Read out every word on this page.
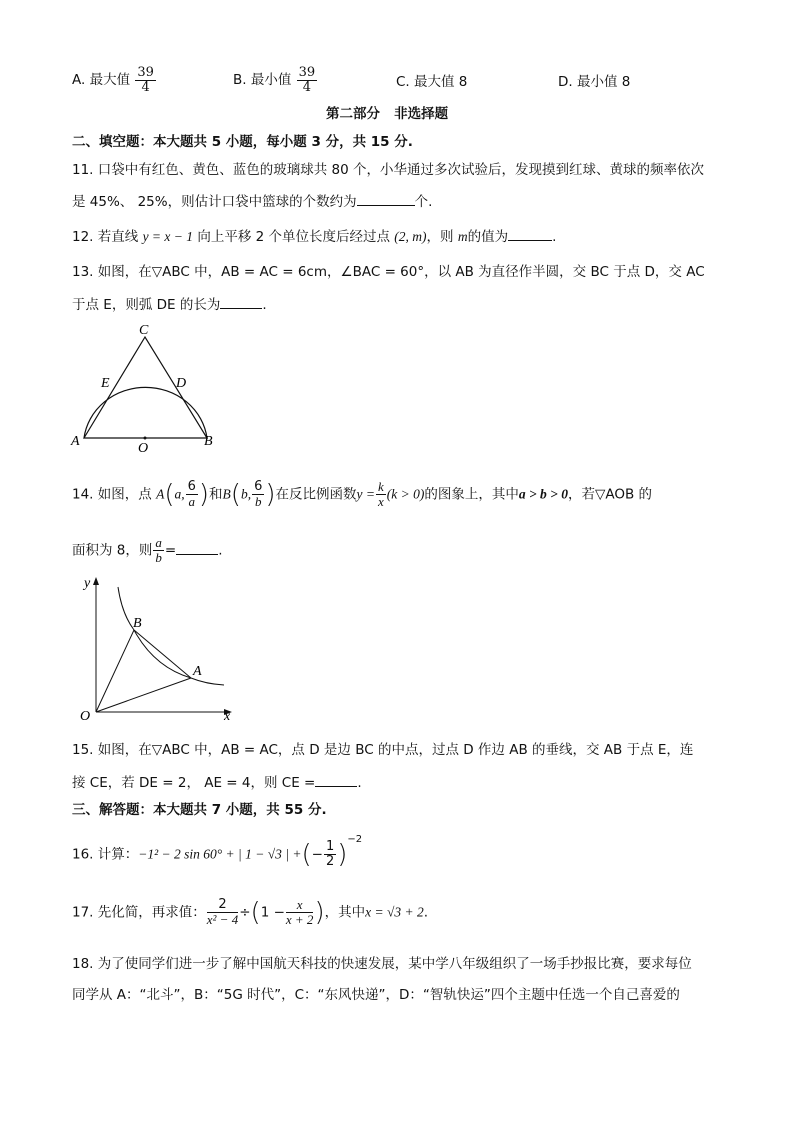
A. 最大值 $\frac{39}{4}$	B. 最小值 $\frac{39}{4}$	C. 最大值 8	D. 最小值 8
第二部分   非选择题
二、填空题：本大题共 5 小题，每小题 3 分，共 15 分.
11. 口袋中有红色、黄色、蓝色的玻璃球共 80 个，小华通过多次试验后，发现摸到红球、黄球的频率依次
是 45%、 25%，则估计口袋中篮球的个数约为	个.
12. 若直线 y = x − 1 向上平移 2 个单位长度后经过点 (2, m)，则 m的值为	.
13. 如图，在▽ABC 中，AB = AC = 6cm，∠BAC = 60°，以 AB 为直径作半圆，交 BC 于点 D，交 AC
于点 E，则弧 DE 的长为	.
C
E	D
A	B
O
14. 如图，点 A(a, $\frac{6}{a}$ )和B(b, $\frac{6}{b}$ )在反比例函数$y = \frac{k}{x} (k > 0)$的图象上，其中a > b > 0，若▽AOB 的
面积为 8，则 $\frac{a}{b}$ =	.
y
x
O
B
A
15. 如图，在▽ABC 中，AB = AC，点 D 是边 BC 的中点，过点 D 作边 AB 的垂线，交 AB 于点 E，连
接 CE，若 DE = 2， AE = 4，则 CE =	.
三、解答题：本大题共 7 小题，共 55 分.
16. 计算：−1² − 2 sin 60° + | 1 − √3 | +(− $\frac{1}{2} )^{-2}$
17. 先化简，再求值： $\frac{2}{\text{x² − 4}} \div(1 - \frac{x}{x + 2}$ )，其中x = √3 + 2.
18. 为了使同学们进一步了解中国航天科技的快速发展，某中学八年级组织了一场手抄报比赛，要求每位
同学从 A：“北斗”，B：“5G 时代”，C：“东风快递”，D：“智轨快运”四个主题中任选一个自己喜爱的
